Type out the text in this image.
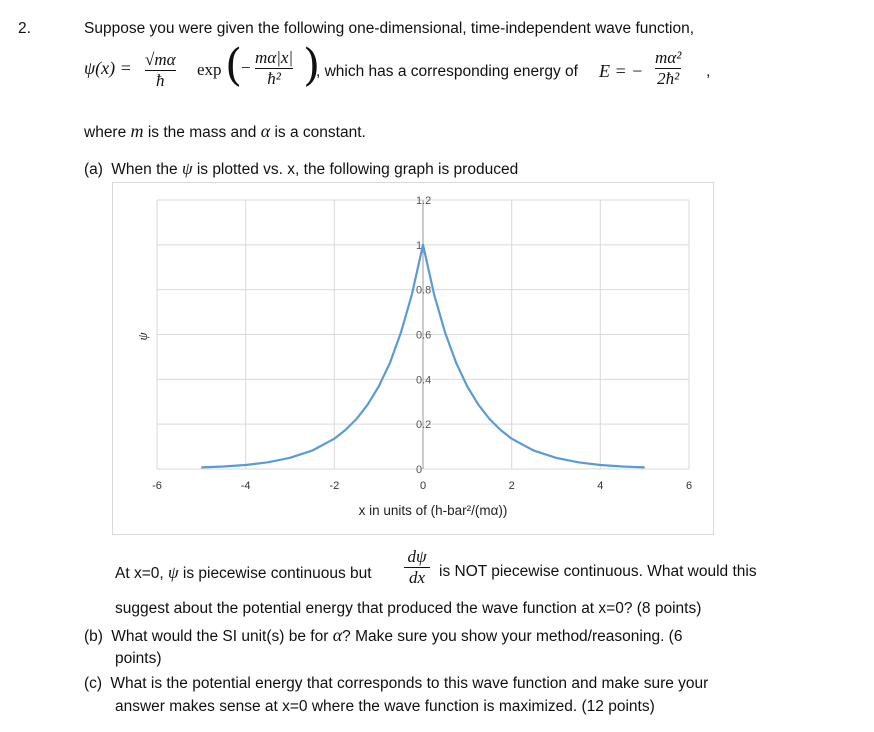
2.	Suppose you were given the following one-dimensional, time-independent wave function,
ψ(x) = √mα
ħ
exp (
−
mα|x|
ħ² )
, which has a corresponding energy of E = −
mα²
2ħ² ,
where m is the mass and α is a constant.
(a) When the ψ is plotted vs. x, the following graph is produced
0
0.2
0.4
0.6
0.8
1
1.2
-6	-4	-2	0	2	4	6
x in units of (h-bar²/(mα))
ψ
At x=0, ψ is piecewise continuous but
dψ
dx is NOT piecewise continuous. What would this
suggest about the potential energy that produced the wave function at x=0? (8 points)
(b) What would the SI unit(s) be for α? Make sure you show your method/reasoning. (6
points)
(c) What is the potential energy that corresponds to this wave function and make sure your
answer makes sense at x=0 where the wave function is maximized. (12 points)
